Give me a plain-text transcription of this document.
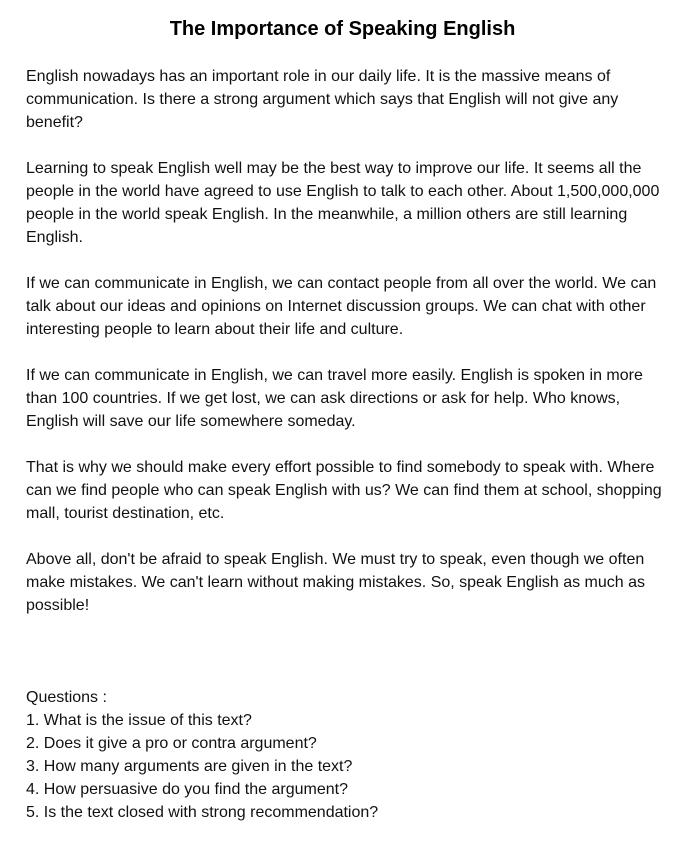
The Importance of Speaking English

English nowadays has an important role in our daily life. It is the massive means of communication. Is there a strong argument which says that English will not give any benefit?

Learning to speak English well may be the best way to improve our life. It seems all the people in the world have agreed to use English to talk to each other. About 1,500,000,000 people in the world speak English. In the meanwhile, a million others are still learning English.

If we can communicate in English, we can contact people from all over the world. We can talk about our ideas and opinions on Internet discussion groups. We can chat with other interesting people to learn about their life and culture.

If we can communicate in English, we can travel more easily. English is spoken in more than 100 countries. If we get lost, we can ask directions or ask for help. Who knows, English will save our life somewhere someday.

That is why we should make every effort possible to find somebody to speak with. Where can we find people who can speak English with us? We can find them at school, shopping mall, tourist destination, etc.

Above all, don't be afraid to speak English. We must try to speak, even though we often make mistakes. We can't learn without making mistakes. So, speak English as much as possible!

Questions :

1. What is the issue of this text?
2. Does it give a pro or contra argument?
3. How many arguments are given in the text?
4. How persuasive do you find the argument?
5. Is the text closed with strong recommendation?
